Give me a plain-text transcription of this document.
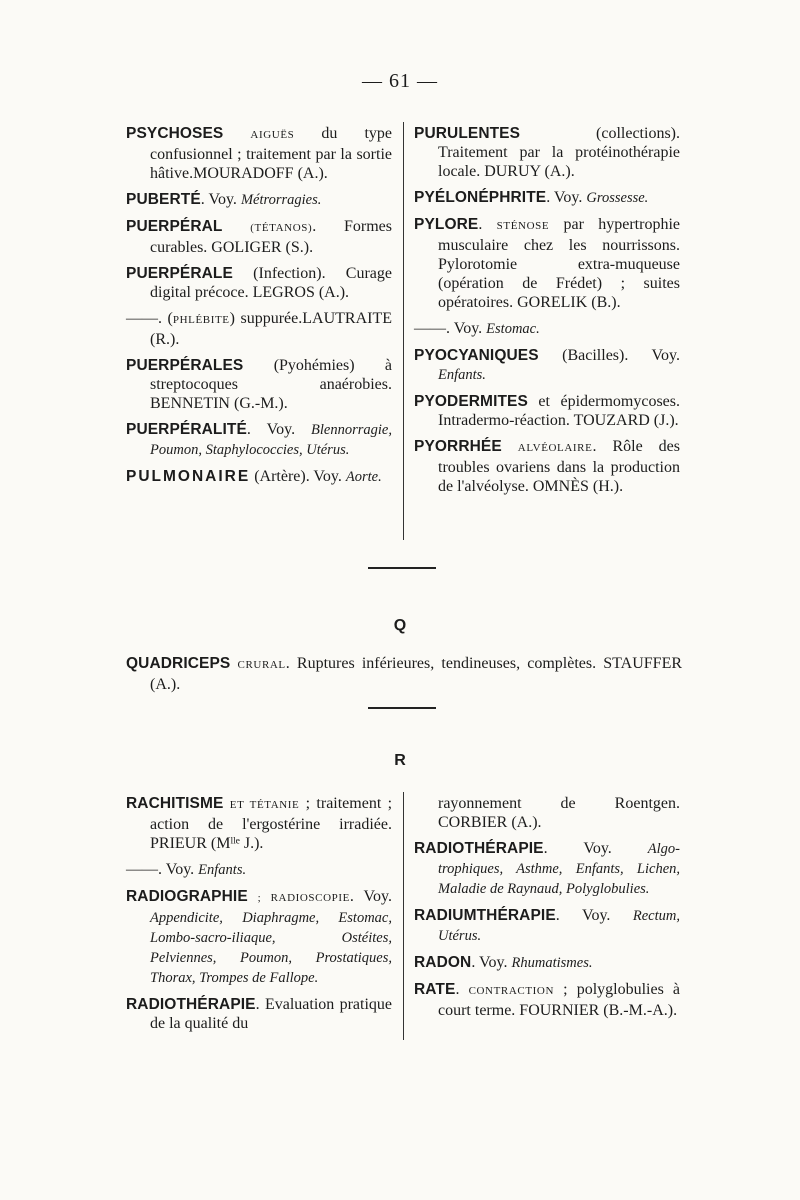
— 61 —
PSYCHOSES AIGUËS du type confusionnel ; traitement par la sortie hâtive.MOURADOFF (A.).
PUBERTÉ. Voy. Métrorragies.
PUERPÉRAL	(TÉTANOS). Formes curables. GOLIGER (S.).
PUERPÉRALE (Infection). Curage digital précoce. LEGROS (A.).
——. (PHLÉBITE) suppurée.LAUTRAITE (R.).
PUERPÉRALES (Pyohémies) à streptocoques anaérobies. BENNETIN (G.-M.).
PUERPÉRALITÉ. Voy. Blennorragie, Poumon, Staphylococcies, Utérus.
PULMONAIRE (Artère). Voy. Aorte.
PURULENTES (collections). Traitement par la protéinothérapie locale. DURUY (A.).
PYÉLONÉPHRITE. Voy. Grossesse.
PYLORE. STÉNOSE par hypertrophie musculaire chez les nourrissons. Pylorotomie extra-muqueuse (opération de Frédet) ; suites opératoires. GORELIK (B.).
——. Voy. Estomac.
PYOCYANIQUES (Bacilles). Voy. Enfants.
PYODERMITES et épidermomycoses. Intradermo-réaction. TOUZARD (J.).
PYORRHÉE ALVÉOLAIRE. Rôle des troubles ovariens dans la production de l'alvéolyse. OMNÈS (H.).
Q
QUADRICEPS CRURAL. Ruptures inférieures, tendineuses, complètes. STAUFFER (A.).
R
RACHITISME ET TÉTANIE ; traitement ; action de l'ergostérine irradiée. PRIEUR (Mˡˡᵉ J.).
——. Voy. Enfants.
RADIOGRAPHIE ; RADIOSCOPIE. Voy. Appendicite, Diaphragme, Estomac, Lombo-sacro-iliaque, Ostéites, Pelviennes, Poumon, Prostatiques, Thorax, Trompes de Fallope.
RADIOTHÉRAPIE. Evaluation pratique de la qualité du
rayonnement de Roentgen. CORBIER (A.).
RADIOTHÉRAPIE. Voy. Algo-trophiques, Asthme, Enfants, Lichen, Maladie de Raynaud, Polyglobulies.
RADIUMTHÉRAPIE. Voy. Rectum, Utérus.
RADON. Voy. Rhumatismes.
RATE. CONTRACTION ; polyglobulies à court terme. FOURNIER (B.-M.-A.).
